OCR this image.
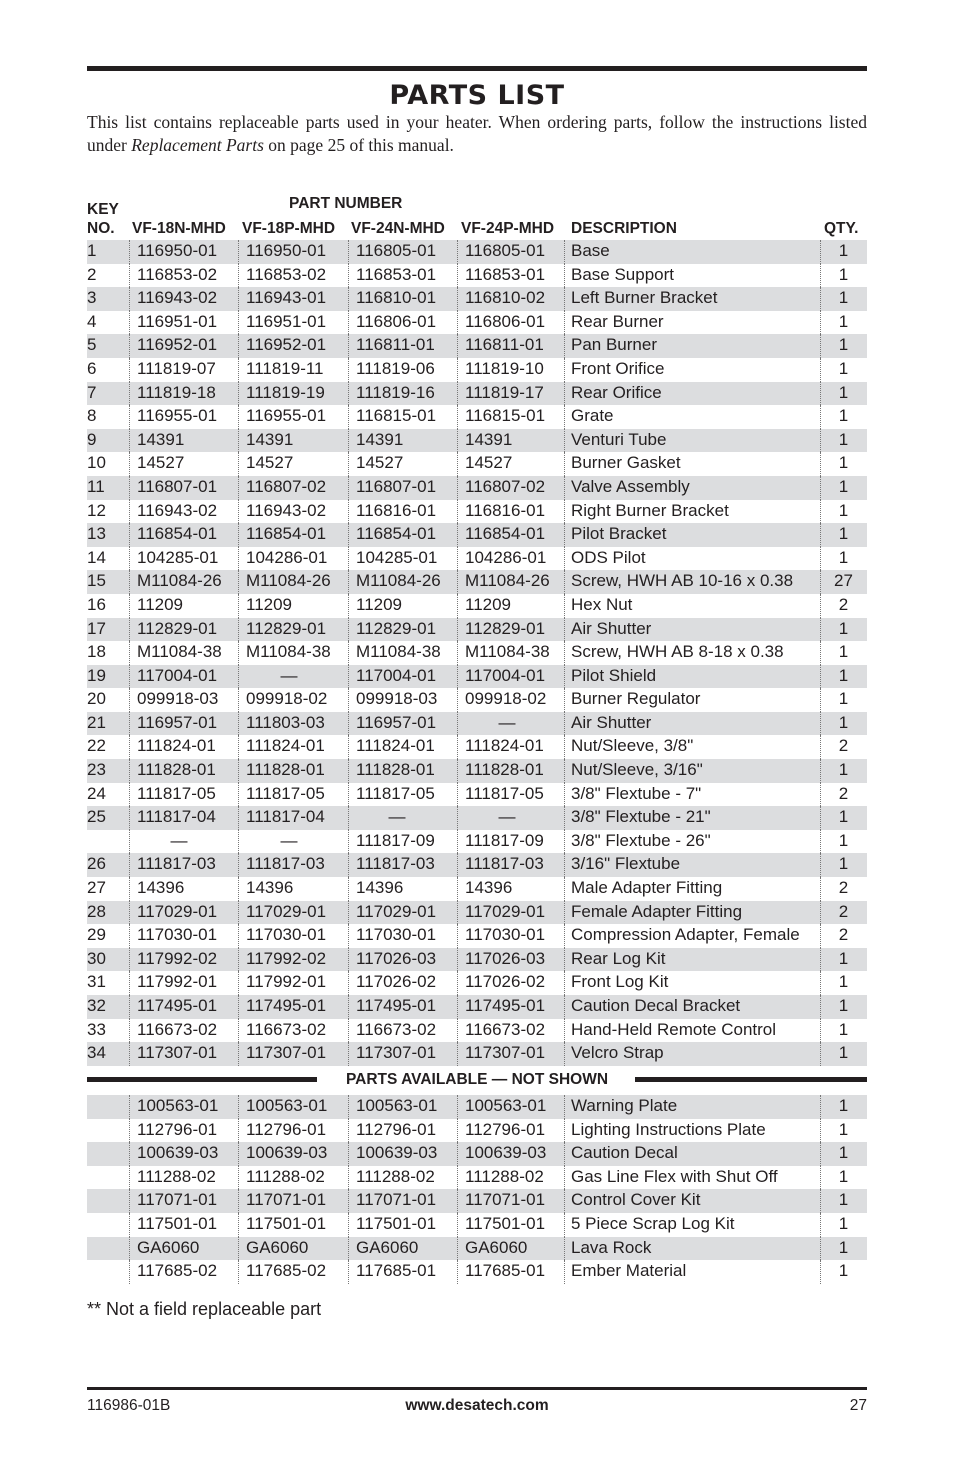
PARTS LIST
This list contains replaceable parts used in your heater. When ordering parts, follow the instructions listed under Replacement Parts on page 25 of this manual.
KEY
NO.
PART NUMBER
VF-18N-MHD VF-18P-MHD VF-24N-MHD VF-24P-MHD DESCRIPTION	QTY.
1 116950-01 116950-01 116805-01 116805-01 Base	1
2 116853-02 116853-02 116853-01 116853-01 Base Support	1
3 116943-02 116943-01 116810-01 116810-02 Left Burner Bracket	1
4 116951-01 116951-01 116806-01 116806-01 Rear Burner	1
5 116952-01 116952-01 116811-01 116811-01 Pan Burner	1
6 111819-07 111819-11 111819-06 111819-10 Front Orifice	1
7 111819-18 111819-19 111819-16 111819-17 Rear Orifice	1
8 116955-01 116955-01 116815-01 116815-01 Grate	1
9 14391	14391	14391	14391	Venturi Tube	1
10 14527	14527	14527	14527	Burner Gasket	1
11 116807-01 116807-02 116807-01 116807-02 Valve Assembly	1
12 116943-02 116943-02 116816-01 116816-01 Right Burner Bracket	1
13 116854-01 116854-01 116854-01 116854-01 Pilot Bracket	1
14 104285-01 104286-01 104285-01 104286-01 ODS Pilot	1
15 M11084-26 M11084-26 M11084-26 M11084-26 Screw, HWH AB 10-16 x 0.38	27
16 11209	11209	11209	11209	Hex Nut	2
17 112829-01 112829-01 112829-01 112829-01 Air Shutter	1
18 M11084-38 M11084-38 M11084-38 M11084-38 Screw, HWH AB 8-18 x 0.38	1
19 117004-01	—	117004-01 117004-01 Pilot Shield	1
20 099918-03 099918-02 099918-03 099918-02 Burner Regulator	1
21 116957-01 111803-03 116957-01	—	Air Shutter	1
22 111824-01 111824-01 111824-01 111824-01 Nut/Sleeve, 3/8"	2
23 111828-01 111828-01 111828-01 111828-01 Nut/Sleeve, 3/16"	1
24 111817-05 111817-05 111817-05 111817-05 3/8" Flextube - 7"	2
25 111817-04 111817-04	—	—	3/8" Flextube - 21"	1
—	—	111817-09 111817-09 3/8" Flextube - 26"	1
26 111817-03 111817-03 111817-03 111817-03 3/16" Flextube	1
27 14396	14396	14396	14396	Male Adapter Fitting	2
28 117029-01 117029-01 117029-01 117029-01 Female Adapter Fitting	2
29 117030-01 117030-01 117030-01 117030-01 Compression Adapter, Female	2
30 117992-02 117992-02 117026-03 117026-03 Rear Log Kit	1
31 117992-01 117992-01 117026-02 117026-02 Front Log Kit	1
32 117495-01 117495-01 117495-01 117495-01 Caution Decal Bracket	1
33 116673-02 116673-02 116673-02 116673-02 Hand-Held Remote Control	1
34 117307-01 117307-01 117307-01 117307-01 Velcro Strap	1
PARTS AVAILABLE — NOT SHOWN
100563-01 100563-01 100563-01 100563-01 Warning Plate	1
112796-01 112796-01 112796-01 112796-01 Lighting Instructions Plate	1
100639-03 100639-03 100639-03 100639-03 Caution Decal	1
111288-02 111288-02 111288-02 111288-02 Gas Line Flex with Shut Off	1
117071-01 117071-01 117071-01 117071-01 Control Cover Kit	1
117501-01 117501-01 117501-01 117501-01 5 Piece Scrap Log Kit	1
GA6060	GA6060	GA6060	GA6060	Lava Rock	1
117685-02 117685-02 117685-01 117685-01 Ember Material	1
** Not a field replaceable part
116986-01B	www.desatech.com	27
